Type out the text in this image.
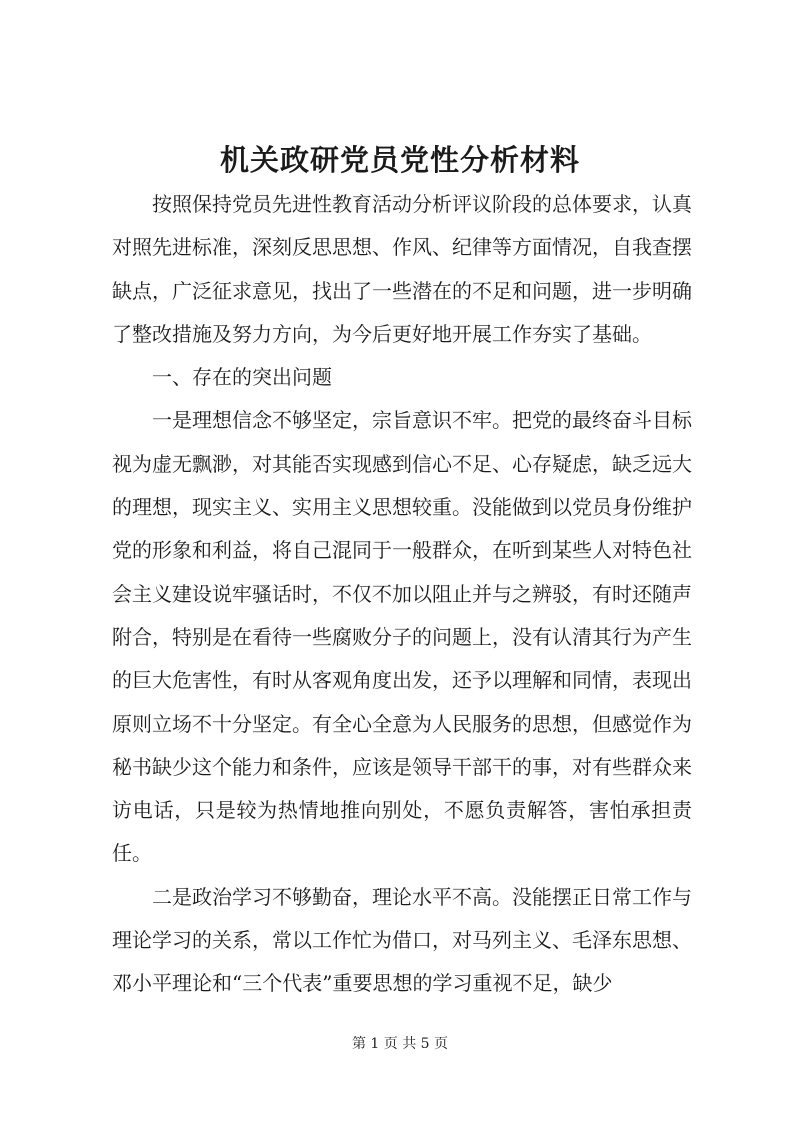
机关政研党员党性分析材料

按照保持党员先进性教育活动分析评议阶段的总体要求，认真对照先进标准，深刻反思思想、作风、纪律等方面情况，自我查摆缺点，广泛征求意见，找出了一些潜在的不足和问题，进一步明确了整改措施及努力方向，为今后更好地开展工作夯实了基础。

一、存在的突出问题

一是理想信念不够坚定，宗旨意识不牢。把党的最终奋斗目标视为虚无飘渺，对其能否实现感到信心不足、心存疑虑，缺乏远大的理想，现实主义、实用主义思想较重。没能做到以党员身份维护党的形象和利益，将自己混同于一般群众，在听到某些人对特色社会主义建设说牢骚话时，不仅不加以阻止并与之辨驳，有时还随声附合，特别是在看待一些腐败分子的问题上，没有认清其行为产生的巨大危害性，有时从客观角度出发，还予以理解和同情，表现出原则立场不十分坚定。有全心全意为人民服务的思想，但感觉作为秘书缺少这个能力和条件，应该是领导干部干的事，对有些群众来访电话，只是较为热情地推向别处，不愿负责解答，害怕承担责任。

二是政治学习不够勤奋，理论水平不高。没能摆正日常工作与理论学习的关系，常以工作忙为借口，对马列主义、毛泽东思想、邓小平理论和“三个代表”重要思想的学习重视不足，缺少

第 1 页 共 5 页
